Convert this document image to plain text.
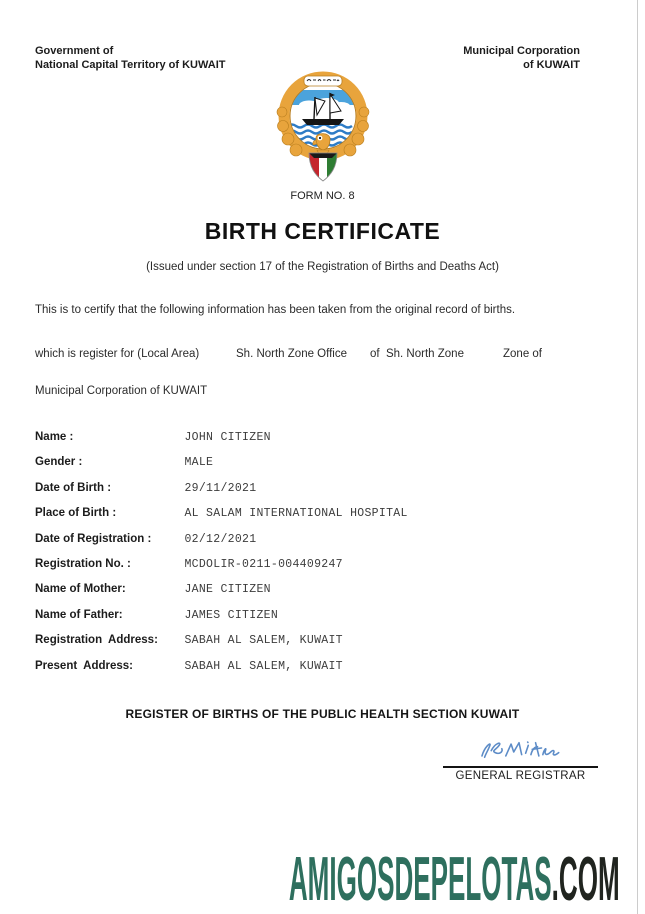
Government of
National Capital Territory of KUWAIT
Municipal Corporation
of KUWAIT
FORM NO. 8
BIRTH CERTIFICATE
(Issued under section 17 of the Registration of Births and Deaths Act)
This is to certify that the following information has been taken from the original record of births.
which is register for (Local Area)	Sh. North Zone Office of  Sh. North Zone	Zone of
Municipal Corporation of KUWAIT
Name :	JOHN CITIZEN
Gender :	MALE
Date of Birth :	29/11/2021
Place of Birth :	AL SALAM INTERNATIONAL HOSPITAL
Date of Registration :	02/12/2021
Registration No. :	MCDOLIR-0211-004409247
Name of Mother:	JANE CITIZEN
Name of Father:	JAMES CITIZEN
Registration  Address: SABAH AL SALEM, KUWAIT
Present  Address:	SABAH AL SALEM, KUWAIT
REGISTER OF BIRTHS OF THE PUBLIC HEALTH SECTION KUWAIT
GENERAL REGISTRAR
AMIGOSDEPELOTAS .COM
